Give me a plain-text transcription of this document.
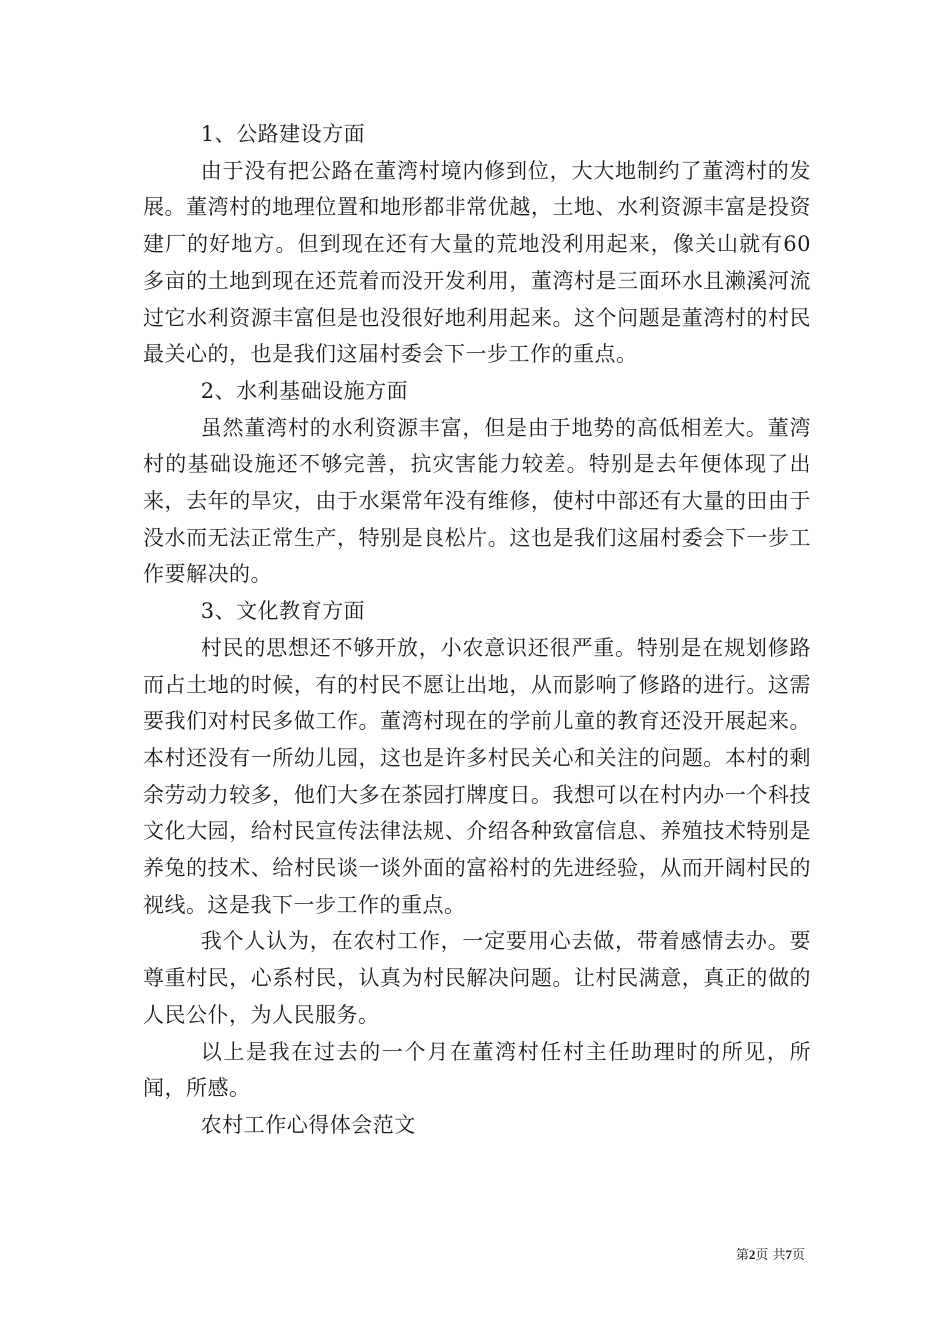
1、公路建设方面

由于没有把公路在董湾村境内修到位，大大地制约了董湾村的发展。董湾村的地理位置和地形都非常优越，土地、水利资源丰富是投资建厂的好地方。但到现在还有大量的荒地没利用起来，像关山就有60多亩的土地到现在还荒着而没开发利用，董湾村是三面环水且濑溪河流过它水利资源丰富但是也没很好地利用起来。这个问题是董湾村的村民最关心的，也是我们这届村委会下一步工作的重点。

2、水利基础设施方面

虽然董湾村的水利资源丰富，但是由于地势的高低相差大。董湾村的基础设施还不够完善，抗灾害能力较差。特别是去年便体现了出来，去年的旱灾，由于水渠常年没有维修，使村中部还有大量的田由于没水而无法正常生产，特别是良松片。这也是我们这届村委会下一步工作要解决的。

3、文化教育方面

村民的思想还不够开放，小农意识还很严重。特别是在规划修路而占土地的时候，有的村民不愿让出地，从而影响了修路的进行。这需要我们对村民多做工作。董湾村现在的学前儿童的教育还没开展起来。本村还没有一所幼儿园，这也是许多村民关心和关注的问题。本村的剩余劳动力较多，他们大多在茶园打牌度日。我想可以在村内办一个科技文化大园，给村民宣传法律法规、介绍各种致富信息、养殖技术特别是养兔的技术、给村民谈一谈外面的富裕村的先进经验，从而开阔村民的视线。这是我下一步工作的重点。

我个人认为，在农村工作，一定要用心去做，带着感情去办。要尊重村民，心系村民，认真为村民解决问题。让村民满意，真正的做的人民公仆，为人民服务。

以上是我在过去的一个月在董湾村任村主任助理时的所见，所闻，所感。

农村工作心得体会范文

第2页 共7页
